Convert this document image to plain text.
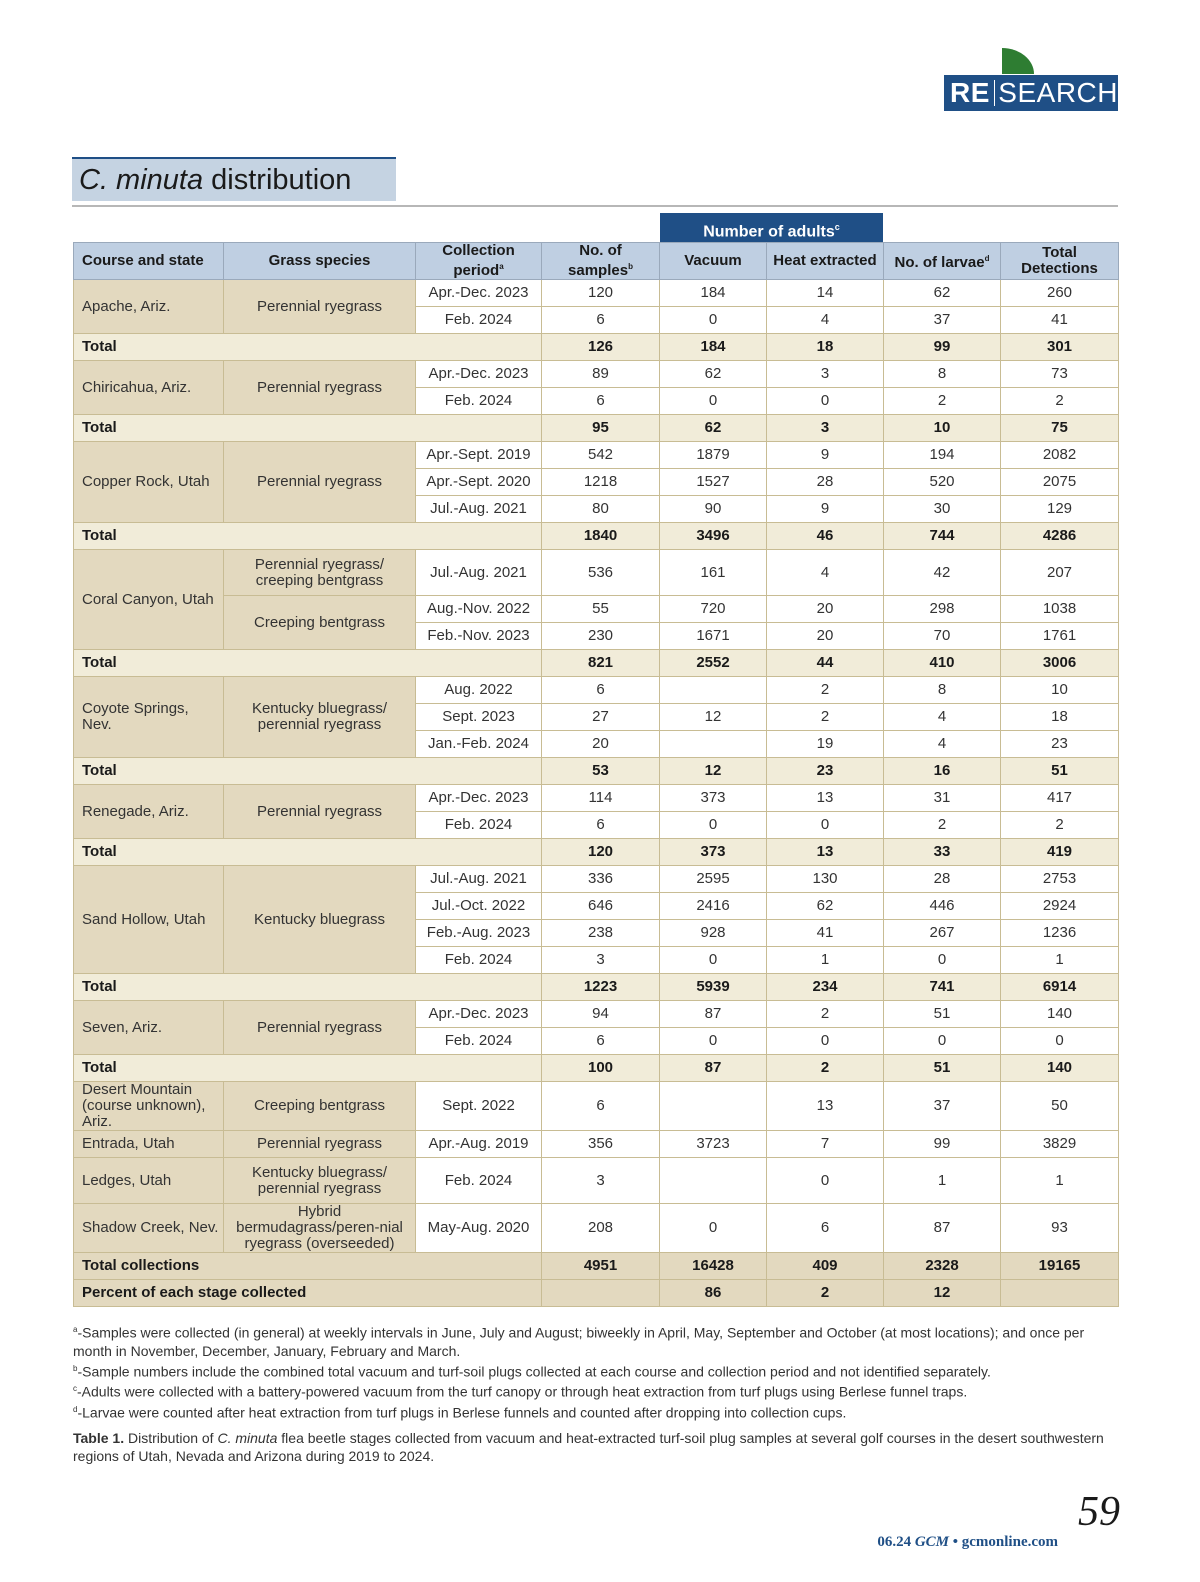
RE SEARCH
C. minuta distribution
Number of adults$^c$
Course and state	Grass species	Collection period$^a$	No. of samples$^b$	Vacuum	Heat extracted	No. of larvae$^d$	Total Detections
Apache, Ariz.	Perennial ryegrass	Apr.-Dec. 2023	120	184	14	62	260
		Feb. 2024	6	0	4	37	41
Total			126	184	18	99	301
Chiricahua, Ariz.	Perennial ryegrass	Apr.-Dec. 2023	89	62	3	8	73
		Feb. 2024	6	0	0	2	2
Total			95	62	3	10	75
Copper Rock, Utah	Perennial ryegrass	Apr.-Sept. 2019	542	1879	9	194	2082
		Apr.-Sept. 2020	1218	1527	28	520	2075
		Jul.-Aug. 2021	80	90	9	30	129
Total			1840	3496	46	744	4286
Coral Canyon, Utah	Perennial ryegrass/ creeping bentgrass	Jul.-Aug. 2021	536	161	4	42	207
	Creeping bentgrass	Aug.-Nov. 2022	55	720	20	298	1038
		Feb.-Nov. 2023	230	1671	20	70	1761
Total			821	2552	44	410	3006
Coyote Springs, Nev.	Kentucky bluegrass/ perennial ryegrass	Aug. 2022	6		2	8	10
		Sept. 2023	27	12	2	4	18
		Jan.-Feb. 2024	20		19	4	23
Total			53	12	23	16	51
Renegade, Ariz.	Perennial ryegrass	Apr.-Dec. 2023	114	373	13	31	417
		Feb. 2024	6	0	0	2	2
Total			120	373	13	33	419
Sand Hollow, Utah	Kentucky bluegrass	Jul.-Aug. 2021	336	2595	130	28	2753
		Jul.-Oct. 2022	646	2416	62	446	2924
		Feb.-Aug. 2023	238	928	41	267	1236
		Feb. 2024	3	0	1	0	1
Total			1223	5939	234	741	6914
Seven, Ariz.	Perennial ryegrass	Apr.-Dec. 2023	94	87	2	51	140
		Feb. 2024	6	0	0	0	0
Total			100	87	2	51	140
Desert Mountain (course unknown), Ariz.	Creeping bentgrass	Sept. 2022	6		13	37	50
Entrada, Utah	Perennial ryegrass	Apr.-Aug. 2019	356	3723	7	99	3829
Ledges, Utah	Kentucky bluegrass/ perennial ryegrass	Feb. 2024	3		0	1	1
Shadow Creek, Nev.	Hybrid bermudagrass/peren-nial ryegrass (overseeded)	May-Aug. 2020	208	0	6	87	93
Total collections			4951	16428	409	2328	19165
Percent of each stage collected				86	2	12	

$^a$-Samples were collected (in general) at weekly intervals in June, July and August; biweekly in April, May, September and October (at most locations); and once per month in November, December, January, February and March.

$^b$-Sample numbers include the combined total vacuum and turf-soil plugs collected at each course and collection period and not identified separately.

$^c$-Adults were collected with a battery-powered vacuum from the turf canopy or through heat extraction from turf plugs using Berlese funnel traps.

$^d$-Larvae were counted after heat extraction from turf plugs in Berlese funnels and counted after dropping into collection cups.

Table 1. Distribution of C. minuta flea beetle stages collected from vacuum and heat-extracted turf-soil plug samples at several golf courses in the desert southwestern regions of Utah, Nevada and Arizona during 2019 to 2024.
06.24 GCM • gcmonline.com
59
